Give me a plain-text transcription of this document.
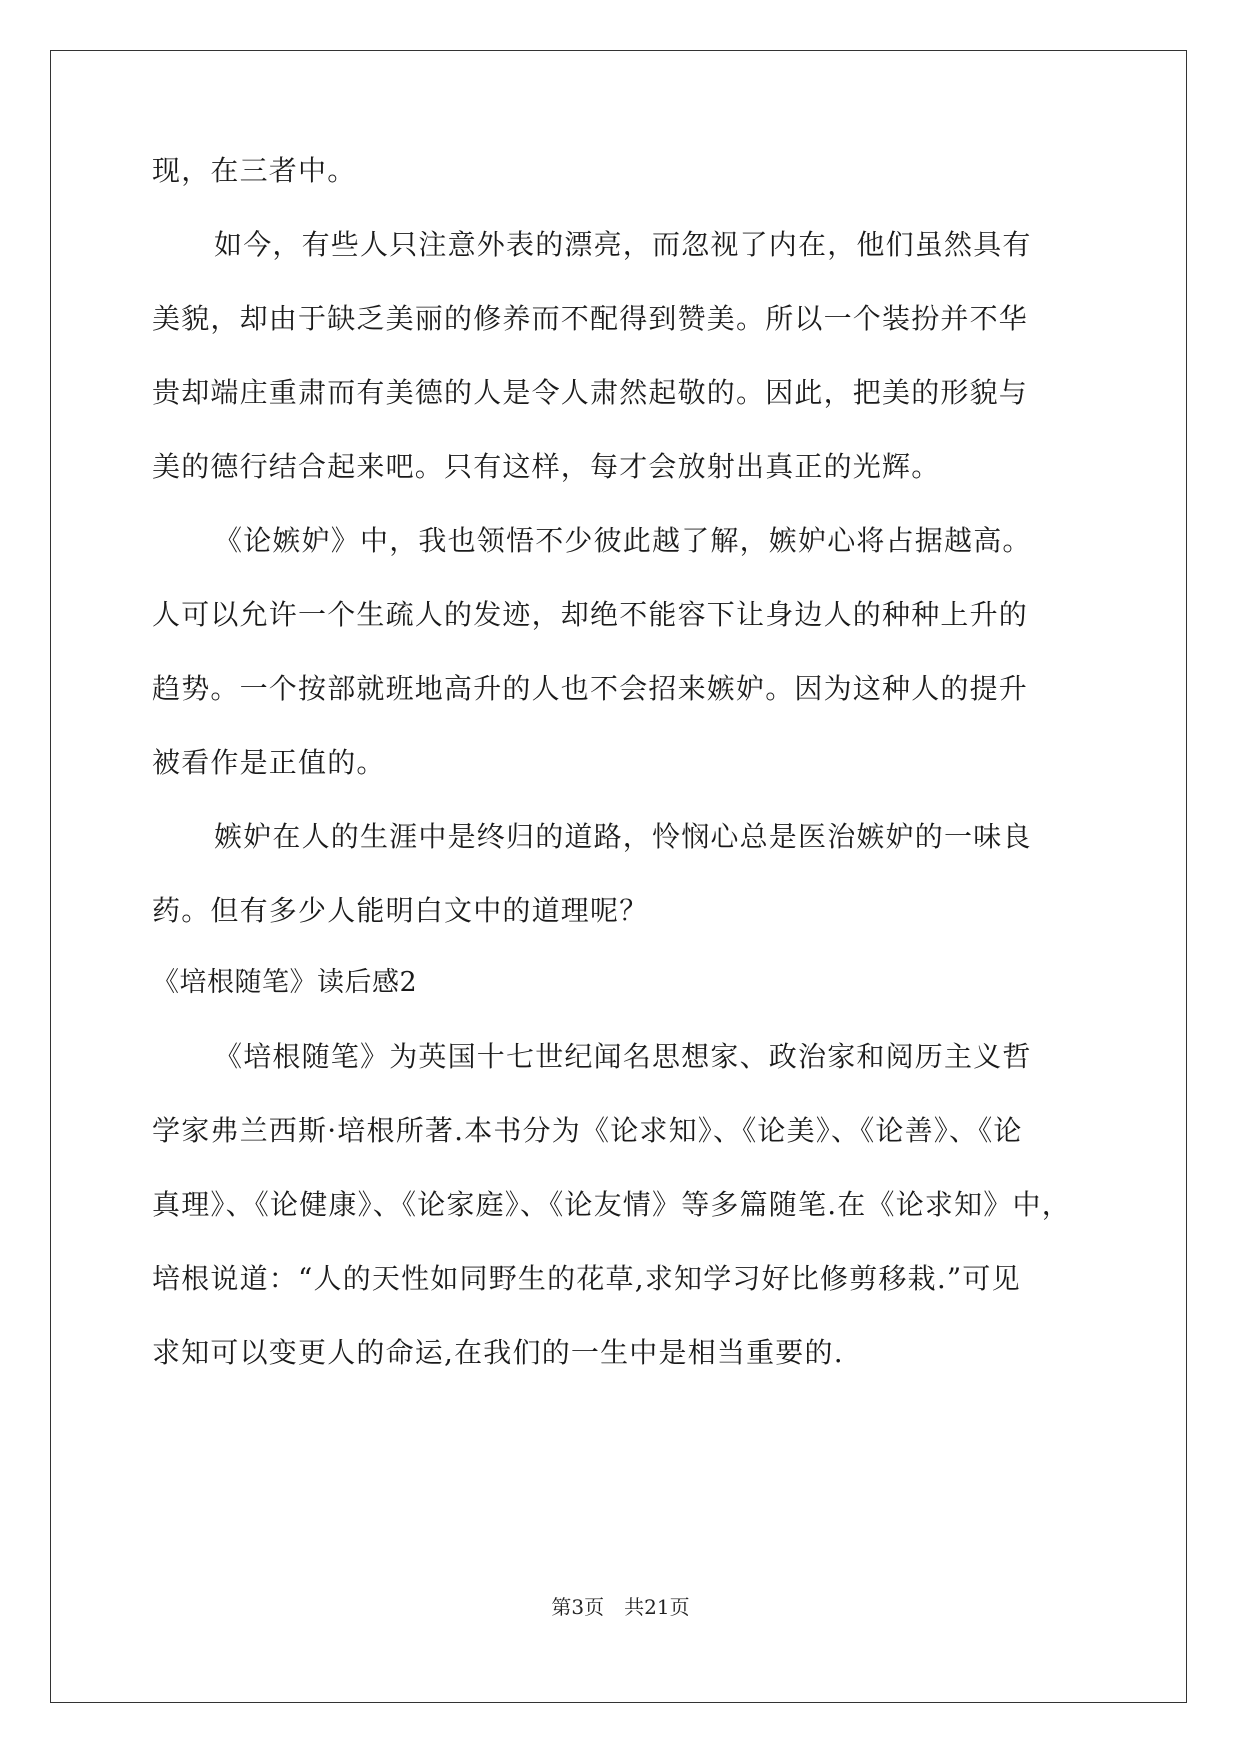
现，在三者中。
如今，有些人只注意外表的漂亮，而忽视了内在，他们虽然具有
美貌，却由于缺乏美丽的修养而不配得到赞美。所以一个装扮并不华
贵却端庄重肃而有美德的人是令人肃然起敬的。因此，把美的形貌与
美的德行结合起来吧。只有这样，每才会放射出真正的光辉。
《论嫉妒》中，我也领悟不少彼此越了解，嫉妒心将占据越高。
人可以允许一个生疏人的发迹，却绝不能容下让身边人的种种上升的
趋势。一个按部就班地高升的人也不会招来嫉妒。因为这种人的提升
被看作是正值的。
嫉妒在人的生涯中是终归的道路，怜悯心总是医治嫉妒的一味良
药。但有多少人能明白文中的道理呢？
《培根随笔》读后感2
《培根随笔》为英国十七世纪闻名思想家、政治家和阅历主义哲
学家弗兰西斯·培根所著.本书分为《论求知》、《论美》、《论善》、《论
真理》、《论健康》、《论家庭》、《论友情》等多篇随笔.在《论求知》中，
培根说道：“人的天性如同野生的花草,求知学习好比修剪移栽.”可见
求知可以变更人的命运,在我们的一生中是相当重要的.
第3页　共21页
